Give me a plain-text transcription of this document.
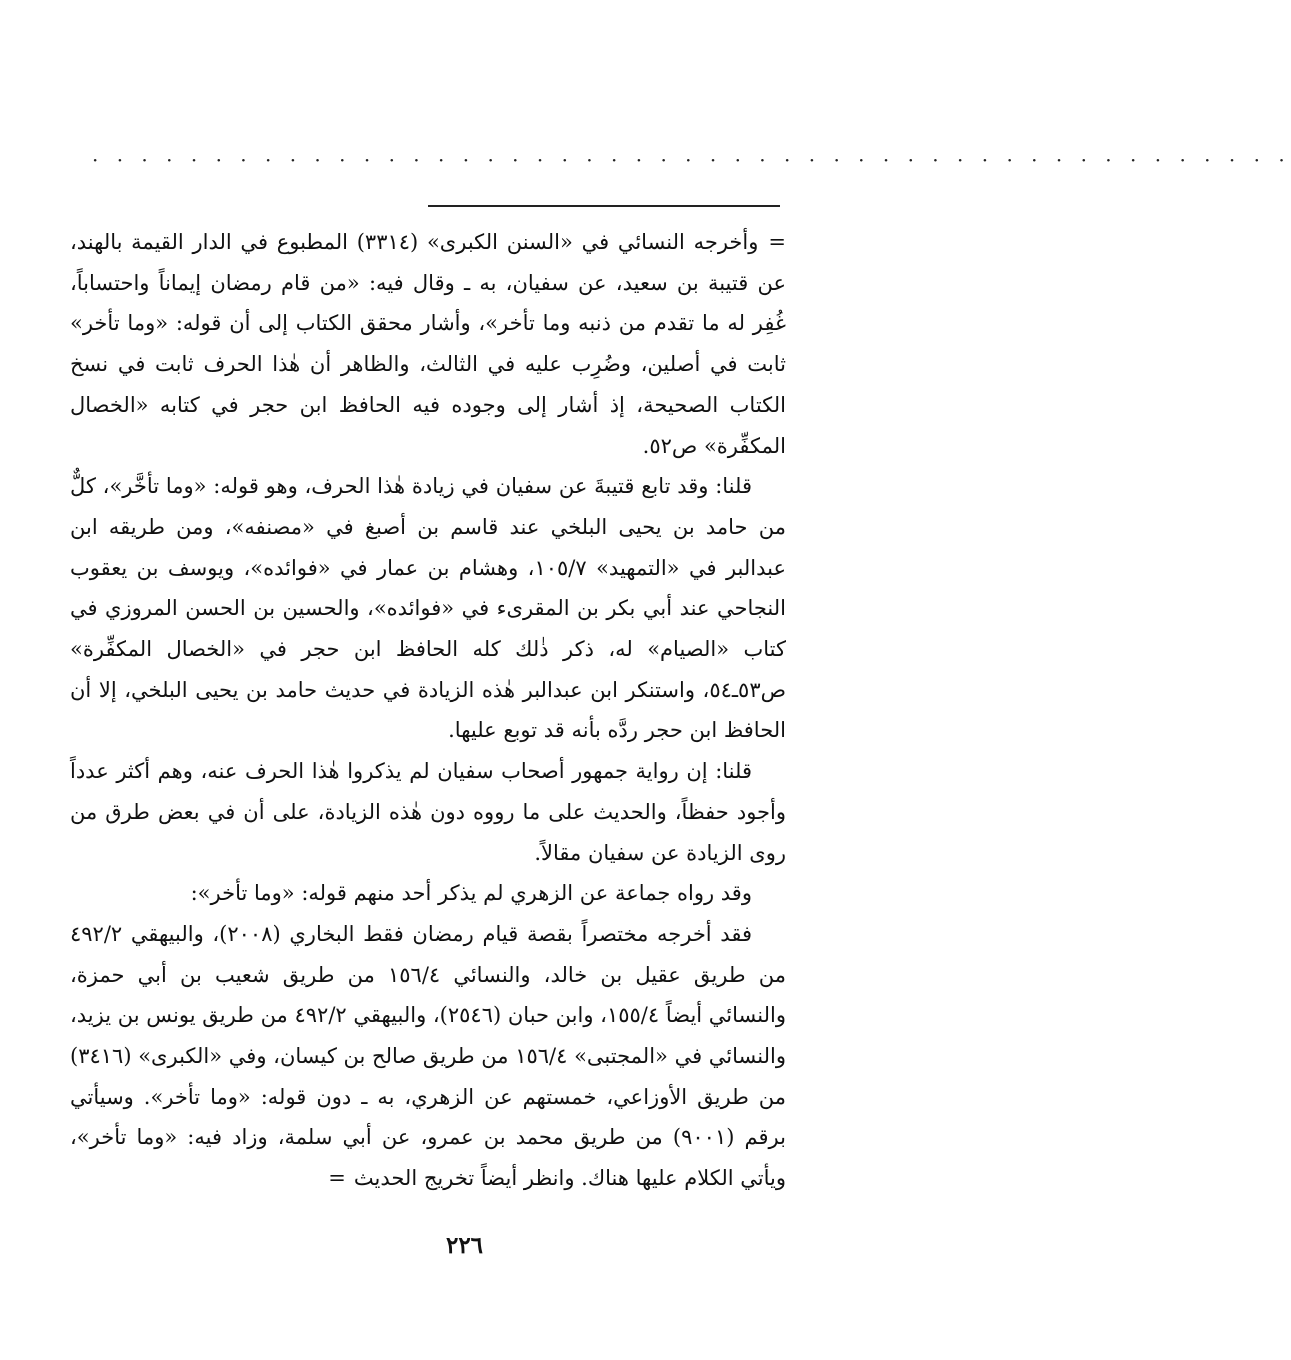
· · · · · · · · · · · · · · · · · · · · · · · · · · · · · · · · · · · · · · · · · · · · · · · · ·

=وأخرجه النسائي في «السنن الكبرى» (٣٣١٤) المطبوع في الدار القيمة بالهند، عن قتيبة بن سعيد، عن سفيان، به ـ وقال فيه: «من قام رمضان إيماناً واحتساباً، غُفِر له ما تقدم من ذنبه وما تأخر»، وأشار محقق الكتاب إلى أن قوله: «وما تأخر» ثابت في أصلين، وضُرِب عليه في الثالث، والظاهر أن هٰذا الحرف ثابت في نسخ الكتاب الصحيحة، إذ أشار إلى وجوده فيه الحافظ ابن حجر في كتابه «الخصال المكفِّرة» ص٥٢.

قلنا: وقد تابع قتيبةَ عن سفيان في زيادة هٰذا الحرف، وهو قوله: «وما تأخَّر»، كلٌّ من حامد بن يحيى البلخي عند قاسم بن أصبغ في «مصنفه»، ومن طريقه ابن عبدالبر في «التمهيد» ١٠٥/٧، وهشام بن عمار في «فوائده»، ويوسف بن يعقوب النجاحي عند أبي بكر بن المقرىء في «فوائده»، والحسين بن الحسن المروزي في كتاب «الصيام» له، ذكر ذٰلك كله الحافظ ابن حجر في «الخصال المكفِّرة» ص٥٣ـ٥٤، واستنكر ابن عبدالبر هٰذه الزيادة في حديث حامد بن يحيى البلخي، إلا أن الحافظ ابن حجر ردَّه بأنه قد توبع عليها.

قلنا: إن رواية جمهور أصحاب سفيان لم يذكروا هٰذا الحرف عنه، وهم أكثر عدداً وأجود حفظاً، والحديث على ما رووه دون هٰذه الزيادة، على أن في بعض طرق من روى الزيادة عن سفيان مقالاً.

وقد رواه جماعة عن الزهري لم يذكر أحد منهم قوله: «وما تأخر»:

فقد أخرجه مختصراً بقصة قيام رمضان فقط البخاري (٢٠٠٨)، والبيهقي ٤٩٢/٢ من طريق عقيل بن خالد، والنسائي ١٥٦/٤ من طريق شعيب بن أبي حمزة، والنسائي أيضاً ١٥٥/٤، وابن حبان (٢٥٤٦)، والبيهقي ٤٩٢/٢ من طريق يونس بن يزيد، والنسائي في «المجتبى» ١٥٦/٤ من طريق صالح بن كيسان، وفي «الكبرى» (٣٤١٦) من طريق الأوزاعي، خمستهم عن الزهري، به ـ دون قوله: «وما تأخر». وسيأتي برقم (٩٠٠١) من طريق محمد بن عمرو، عن أبي سلمة، وزاد فيه: «وما تأخر»، ويأتي الكلام عليها هناك. وانظر أيضاً تخريج الحديث=

٢٢٦
